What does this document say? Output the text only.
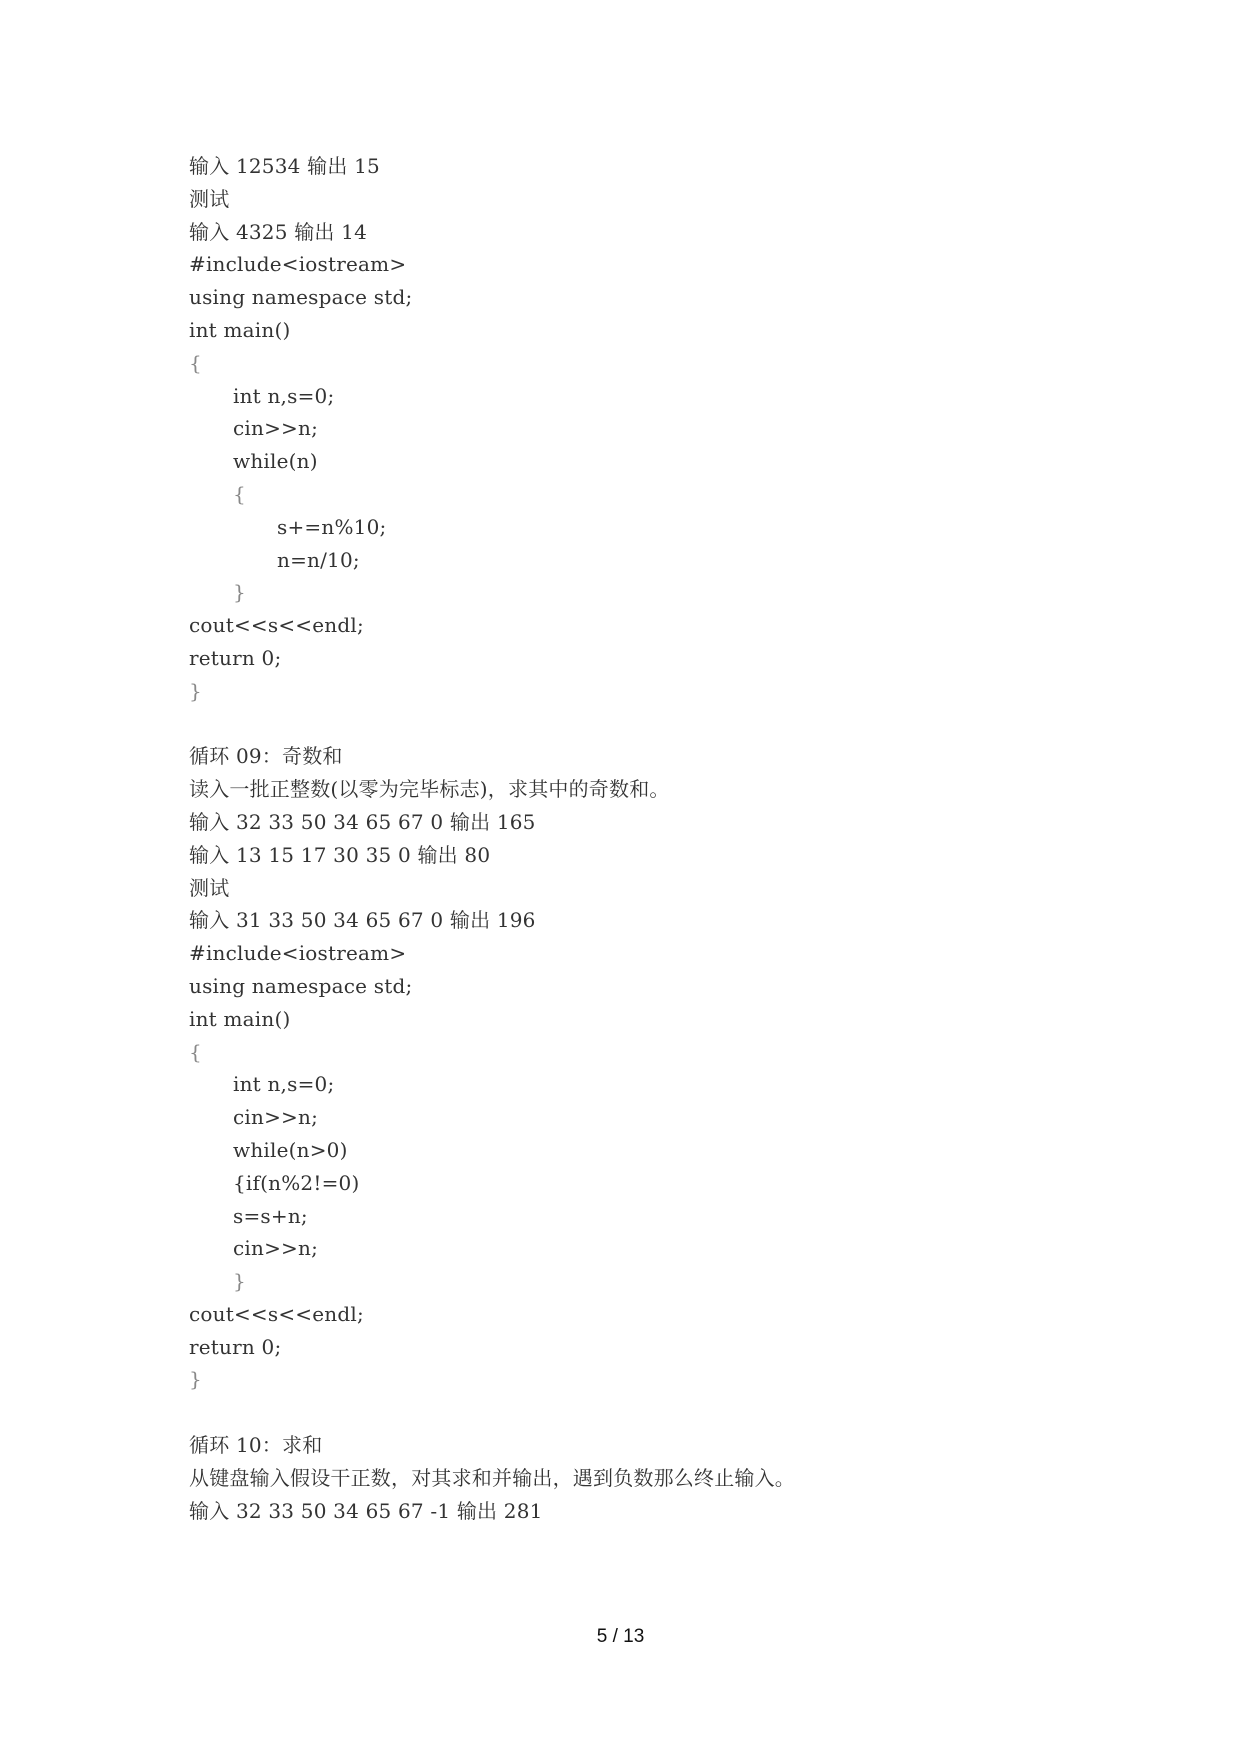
输入 12534 输出 15
测试
输入 4325 输出 14
#include<iostream>
using namespace std;
int main()
{
int n,s=0;
cin>>n;
while(n)
{
s+=n%10;
n=n/10;
}
cout<<s<<endl;
return 0;
}
循环 09：奇数和
读入一批正整数(以零为完毕标志)，求其中的奇数和。
输入 32 33 50 34 65 67 0 输出 165
输入 13 15 17 30 35 0 输出 80
测试
输入 31 33 50 34 65 67 0 输出 196
#include<iostream>
using namespace std;
int main()
{
int n,s=0;
cin>>n;
while(n>0)
{if(n%2!=0)
s=s+n;
cin>>n;
}
cout<<s<<endl;
return 0;
}
循环 10：求和
从键盘输入假设干正数，对其求和并输出，遇到负数那么终止输入。
输入 32 33 50 34 65 67 -1 输出 281
5 / 13
